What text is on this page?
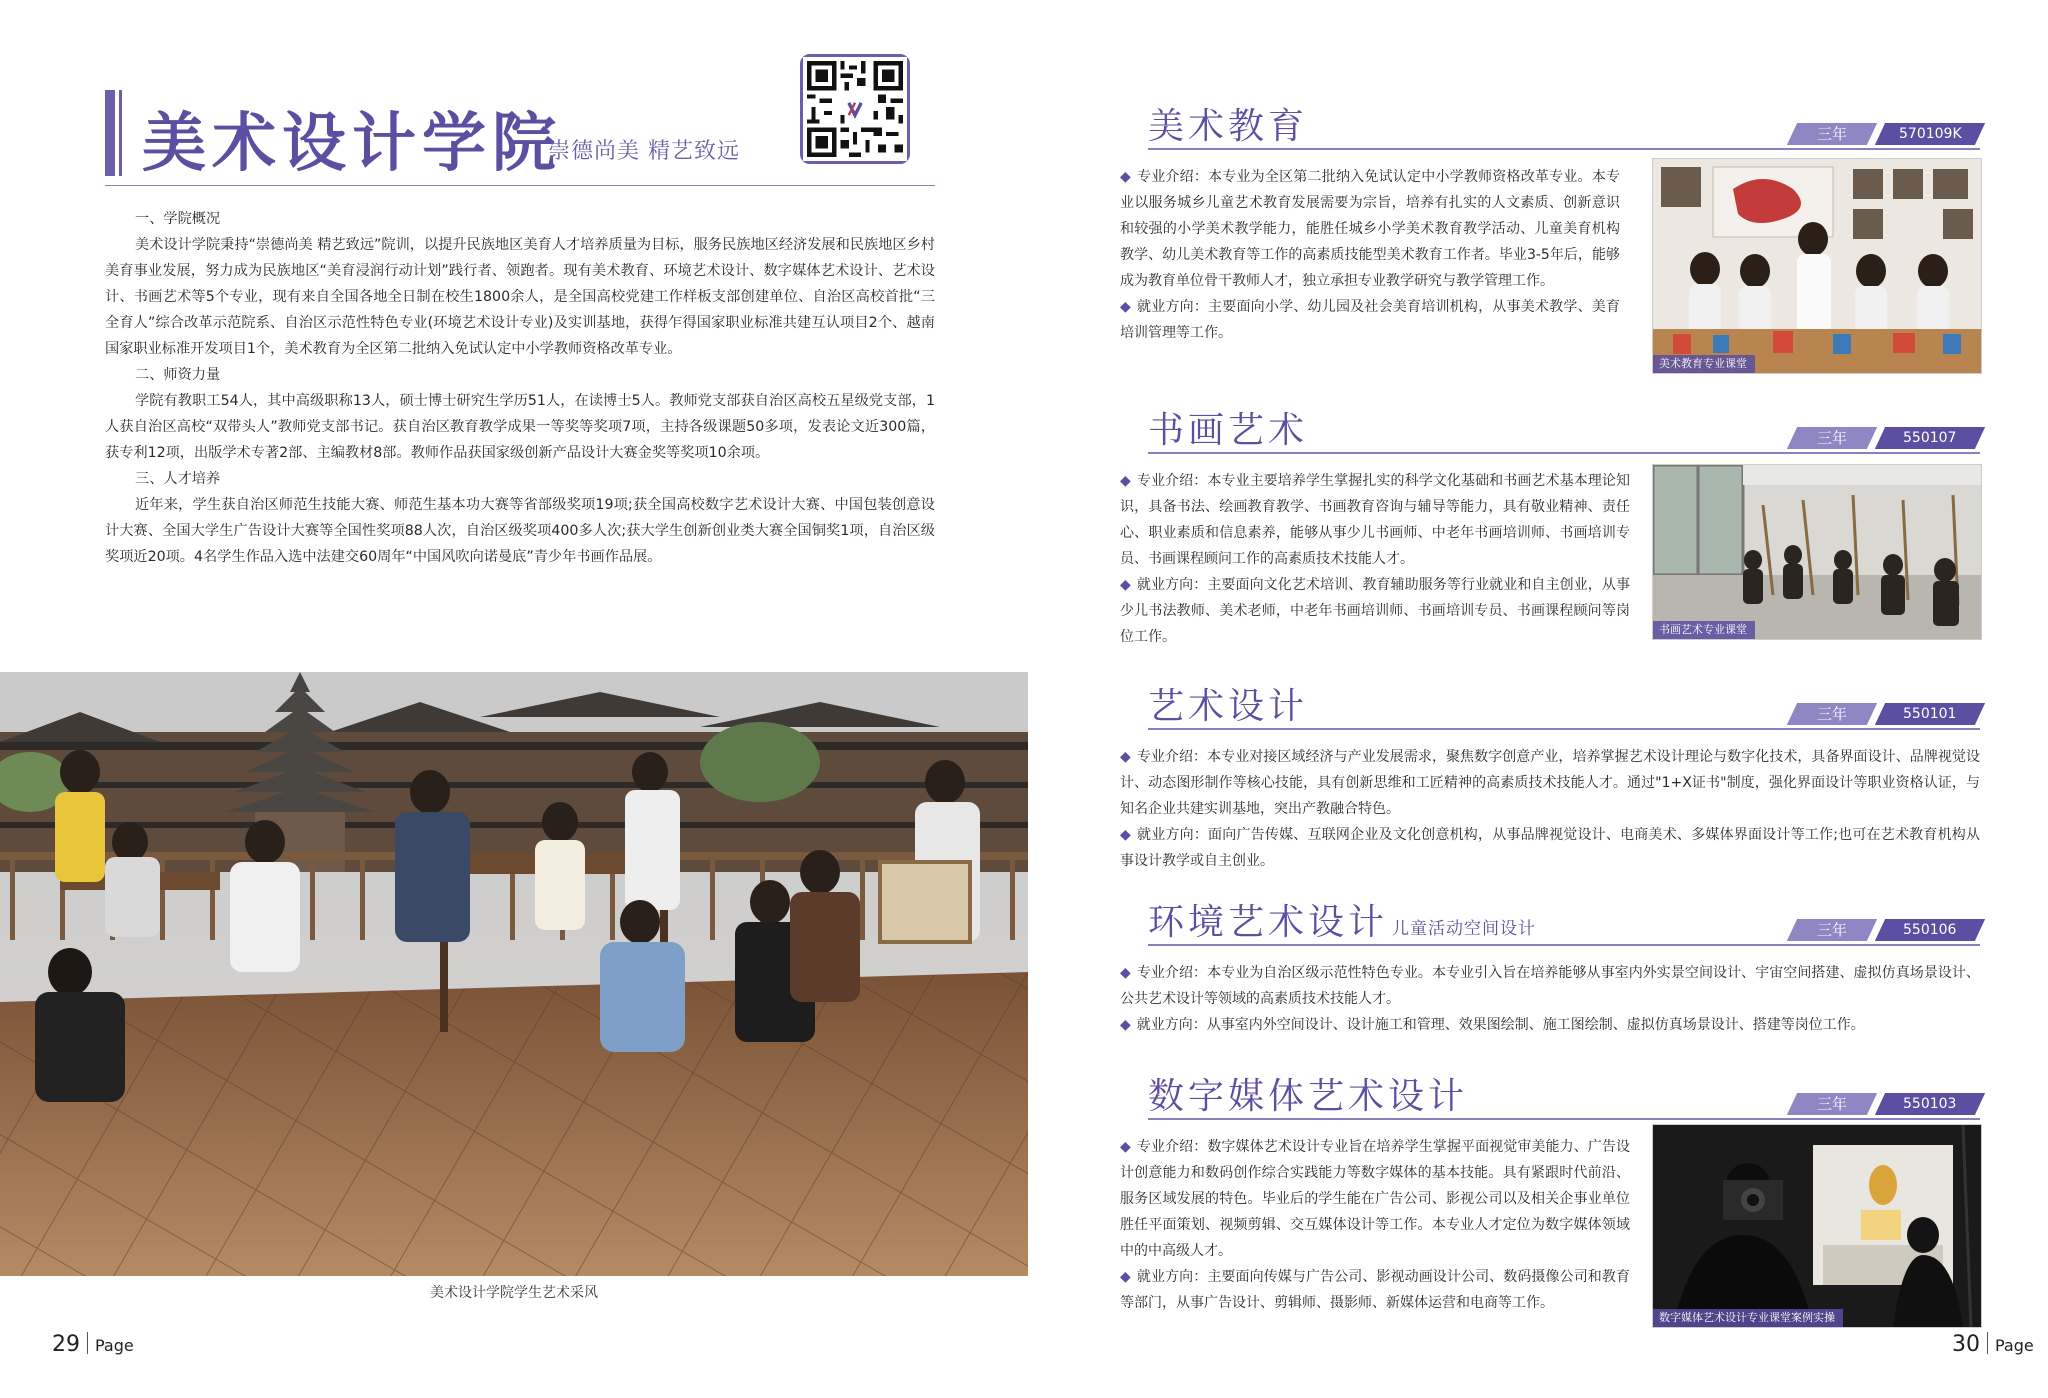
美术设计学院
崇德尚美 精艺致远

一、学院概况

美术设计学院秉持“崇德尚美 精艺致远”院训，以提升民族地区美育人才培养质量为目标，服务民族地区经济发展和民族地区乡村美育事业发展，努力成为民族地区“美育浸润行动计划”践行者、领跑者。现有美术教育、环境艺术设计、数字媒体艺术设计、艺术设计、书画艺术等5个专业，现有来自全国各地全日制在校生1800余人，是全国高校党建工作样板支部创建单位、自治区高校首批“三全育人”综合改革示范院系、自治区示范性特色专业(环境艺术设计专业)及实训基地，获得乍得国家职业标准共建互认项目2个、越南国家职业标准开发项目1个，美术教育为全区第二批纳入免试认定中小学教师资格改革专业。

二、师资力量

学院有教职工54人，其中高级职称13人，硕士博士研究生学历51人，在读博士5人。教师党支部获自治区高校五星级党支部，1人获自治区高校“双带头人”教师党支部书记。获自治区教育教学成果一等奖等奖项7项，主持各级课题50多项，发表论文近300篇，获专利12项，出版学术专著2部、主编教材8部。教师作品获国家级创新产品设计大赛金奖等奖项10余项。

三、人才培养

近年来，学生获自治区师范生技能大赛、师范生基本功大赛等省部级奖项19项;获全国高校数字艺术设计大赛、中国包装创意设计大赛、全国大学生广告设计大赛等全国性奖项88人次，自治区级奖项400多人次;获大学生创新创业类大赛全国铜奖1项，自治区级奖项近20项。4名学生作品入选中法建交60周年“中国风吹向诺曼底”青少年书画作品展。

美术设计学院学生艺术采风
29 Page
美术教育	三年	570109K

◆ 专业介绍：本专业为全区第二批纳入免试认定中小学教师资格改革专业。本专业以服务城乡儿童艺术教育发展需要为宗旨，培养有扎实的人文素质、创新意识和较强的小学美术教学能力，能胜任城乡小学美术教育教学活动、儿童美育机构教学、幼儿美术教育等工作的高素质技能型美术教育工作者。毕业3-5年后，能够成为教育单位骨干教师人才，独立承担专业教学研究与教学管理工作。

◆ 就业方向：主要面向小学、幼儿园及社会美育培训机构，从事美术教学、美育培训管理等工作。

美术教育专业课堂
书画艺术	三年	550107

◆ 专业介绍：本专业主要培养学生掌握扎实的科学文化基础和书画艺术基本理论知识，具备书法、绘画教育教学、书画教育咨询与辅导等能力，具有敬业精神、责任心、职业素质和信息素养，能够从事少儿书画师、中老年书画培训师、书画培训专员、书画课程顾问工作的高素质技术技能人才。

◆ 就业方向：主要面向文化艺术培训、教育辅助服务等行业就业和自主创业，从事少儿书法教师、美术老师，中老年书画培训师、书画培训专员、书画课程顾问等岗位工作。	书画艺术专业课堂
艺术设计	三年	550101

◆ 专业介绍：本专业对接区域经济与产业发展需求，聚焦数字创意产业，培养掌握艺术设计理论与数字化技术，具备界面设计、品牌视觉设计、动态图形制作等核心技能，具有创新思维和工匠精神的高素质技术技能人才。通过"1+X证书"制度，强化界面设计等职业资格认证，与知名企业共建实训基地，突出产教融合特色。

◆ 就业方向：面向广告传媒、互联网企业及文化创意机构，从事品牌视觉设计、电商美术、多媒体界面设计等工作;也可在艺术教育机构从事设计教学或自主创业。

环境艺术设计 儿童活动空间设计	三年	550106

◆ 专业介绍：本专业为自治区级示范性特色专业。本专业引入旨在培养能够从事室内外实景空间设计、宇宙空间搭建、虚拟仿真场景设计、公共艺术设计等领域的高素质技术技能人才。

◆ 就业方向：从事室内外空间设计、设计施工和管理、效果图绘制、施工图绘制、虚拟仿真场景设计、搭建等岗位工作。

数字媒体艺术设计	三年	550103

◆ 专业介绍：数字媒体艺术设计专业旨在培养学生掌握平面视觉审美能力、广告设计创意能力和数码创作综合实践能力等数字媒体的基本技能。具有紧跟时代前沿、服务区域发展的特色。毕业后的学生能在广告公司、影视公司以及相关企事业单位胜任平面策划、视频剪辑、交互媒体设计等工作。本专业人才定位为数字媒体领域中的中高级人才。

◆ 就业方向：主要面向传媒与广告公司、影视动画设计公司、数码摄像公司和教育等部门，从事广告设计、剪辑师、摄影师、新媒体运营和电商等工作。

数字媒体艺术设计专业课堂案例实操
30 Page
